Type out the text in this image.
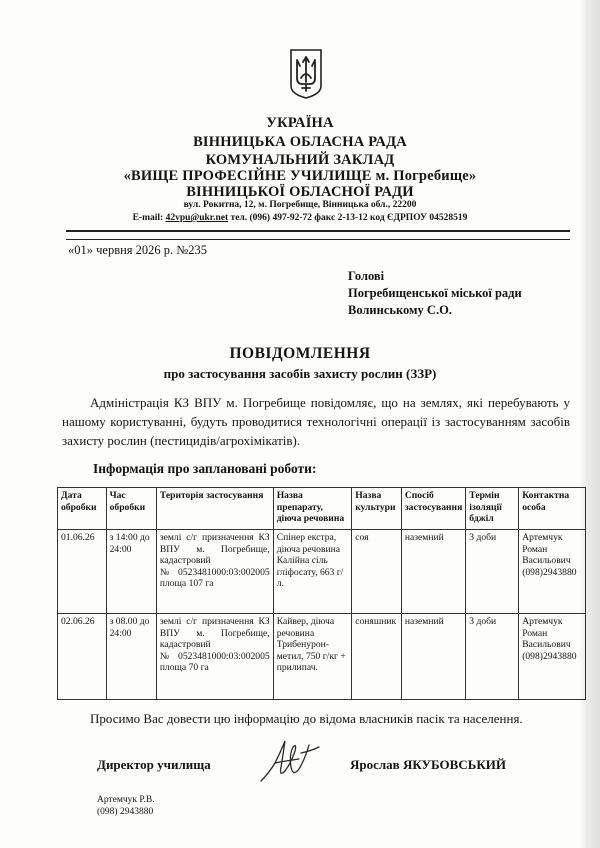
УКРАЇНА
ВІННИЦЬКА ОБЛАСНА РАДА
КОМУНАЛЬНИЙ ЗАКЛАД
«ВИЩЕ ПРОФЕСІЙНЕ УЧИЛИЩЕ м. Погребище»
ВІННИЦЬКОЇ ОБЛАСНОЇ РАДИ
вул. Рокитна, 12, м. Погребище, Вінницька обл., 22200
E-mail: 42vpu@ukr.net тел. (096) 497-92-72 факс 2-13-12 код ЄДРПОУ 04528519
«01» червня 2026 р. №235
Голові
Погребищенської міської ради
Волинському С.О.
ПОВІДОМЛЕННЯ
про застосування засобів захисту рослин (ЗЗР)
Адміністрація КЗ ВПУ м. Погребище повідомляє, що на землях, які перебувають у нашому користуванні, будуть проводитися технологічні операції із застосуванням засобів захисту рослин (пестицидів/агрохімікатів).
Інформація про заплановані роботи:
Дата обробки	Час обробки	Територія застосування	Назва препарату, діюча речовина	Назва культури	Спосіб застосування	Термін ізоляції бджіл	Контактна особа
01.06.26	з 14:00 до 24:00	землі с/г призначення КЗ ВПУ м. Погребище, кадастровий №0523481000:03:002005 площа 107 га	Спінер екстра, діюча речовина Калійна сіль гліфосату, 663 г/л.	соя	наземний	3 доби	Артемчук Роман Васильович (098)2943880
02.06.26	з 08.00 до 24:00	землі с/г призначення КЗ ВПУ м. Погребище, кадастровий №0523481000:03:002005 площа 70 га	Кайвер, діюча речовина Трибенурон-метил, 750 г/кг + прилипач.	соняшник	наземний	3 доби	Артемчук Роман Васильович (098)2943880
Просимо Вас довести цю інформацію до відома власників пасік та населення.
Директор училища	Ярослав ЯКУБОВСЬКИЙ
Артемчук Р.В.
(098) 2943880
